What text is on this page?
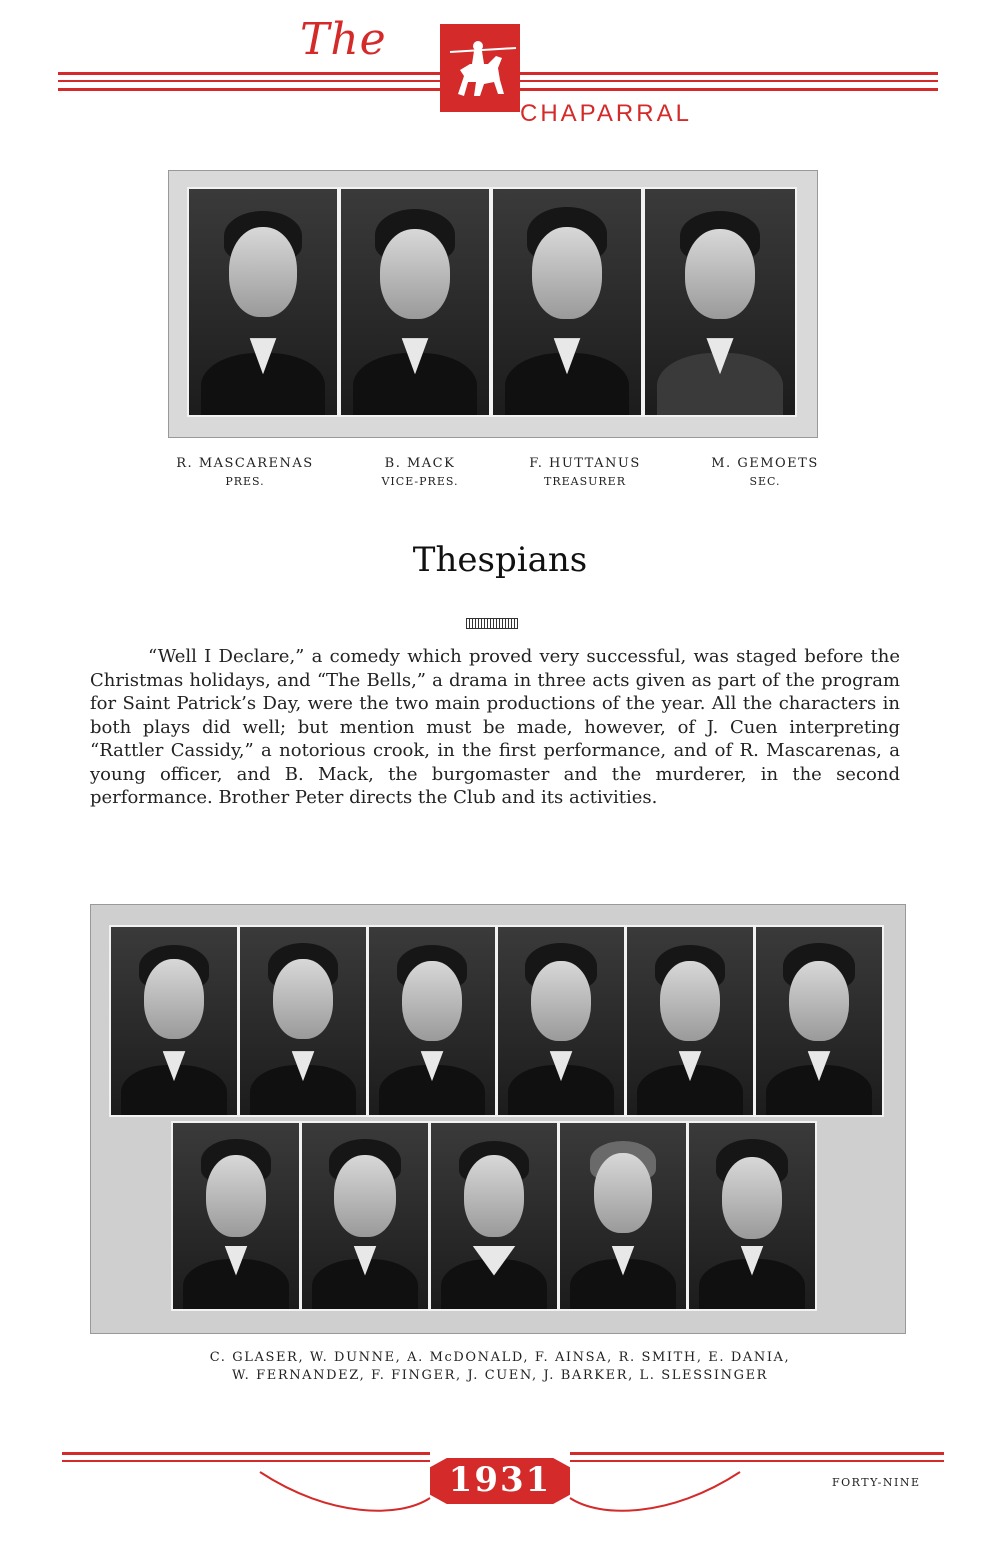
The
CHAPARRAL
R. MASCARENAS
PRES.
B. MACK
VICE-PRES.
F. HUTTANUS
TREASURER
M. GEMOETS
SEC.
Thespians
“Well I Declare,” a comedy which proved very successful, was staged before the Christmas holidays, and “The Bells,” a drama in three acts given as part of the program for Saint Patrick’s Day, were the two main productions of the year. All the characters in both plays did well; but mention must be made, however, of J. Cuen interpreting “Rattler Cassidy,” a notorious crook, in the first performance, and of R. Mascarenas, a young officer, and B. Mack, the burgomaster and the murderer, in the second performance. Brother Peter directs the Club and its activities.
C. GLASER, W. DUNNE, A. McDONALD, F. AINSA, R. SMITH, E. DANIA,
W. FERNANDEZ, F. FINGER, J. CUEN, J. BARKER, L. SLESSINGER
1931	FORTY-NINE
